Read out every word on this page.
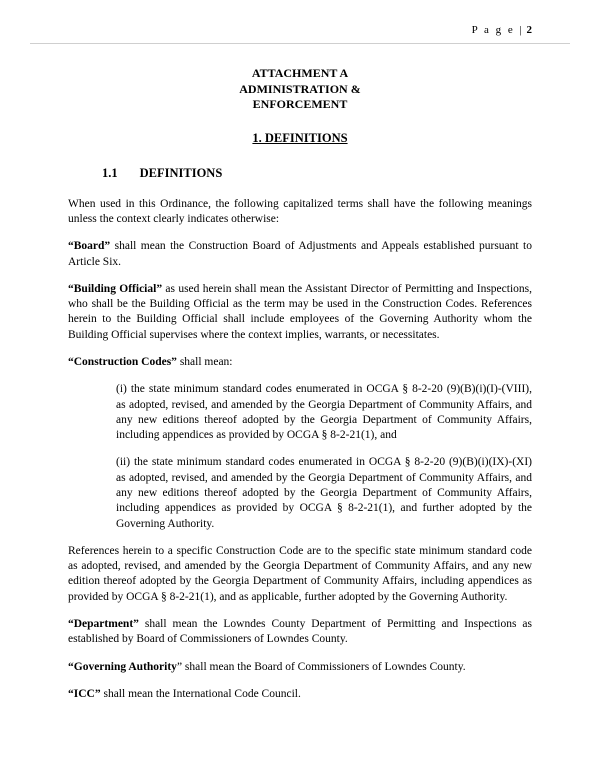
P a g e | 2
ATTACHMENT A
ADMINISTRATION &
ENFORCEMENT
1. DEFINITIONS
1.1 DEFINITIONS

When used in this Ordinance, the following capitalized terms shall have the following meanings unless the context clearly indicates otherwise:

“Board” shall mean the Construction Board of Adjustments and Appeals established pursuant to Article Six.

“Building Official” as used herein shall mean the Assistant Director of Permitting and Inspections, who shall be the Building Official as the term may be used in the Construction Codes. References herein to the Building Official shall include employees of the Governing Authority whom the Building Official supervises where the context implies, warrants, or necessitates.

“Construction Codes” shall mean:

(i) the state minimum standard codes enumerated in OCGA § 8-2-20 (9)(B)(i)(I)-(VIII), as adopted, revised, and amended by the Georgia Department of Community Affairs, and any new editions thereof adopted by the Georgia Department of Community Affairs, including appendices as provided by OCGA § 8-2-21(1), and

(ii) the state minimum standard codes enumerated in OCGA § 8-2-20 (9)(B)(i)(IX)-(XI) as adopted, revised, and amended by the Georgia Department of Community Affairs, and any new editions thereof adopted by the Georgia Department of Community Affairs, including appendices as provided by OCGA § 8-2-21(1), and further adopted by the Governing Authority.

References herein to a specific Construction Code are to the specific state minimum standard code as adopted, revised, and amended by the Georgia Department of Community Affairs, and any new edition thereof adopted by the Georgia Department of Community Affairs, including appendices as provided by OCGA § 8-2-21(1), and as applicable, further adopted by the Governing Authority.

“Department” shall mean the Lowndes County Department of Permitting and Inspections as established by Board of Commissioners of Lowndes County.

“Governing Authority” shall mean the Board of Commissioners of Lowndes County.

“ICC” shall mean the International Code Council.
